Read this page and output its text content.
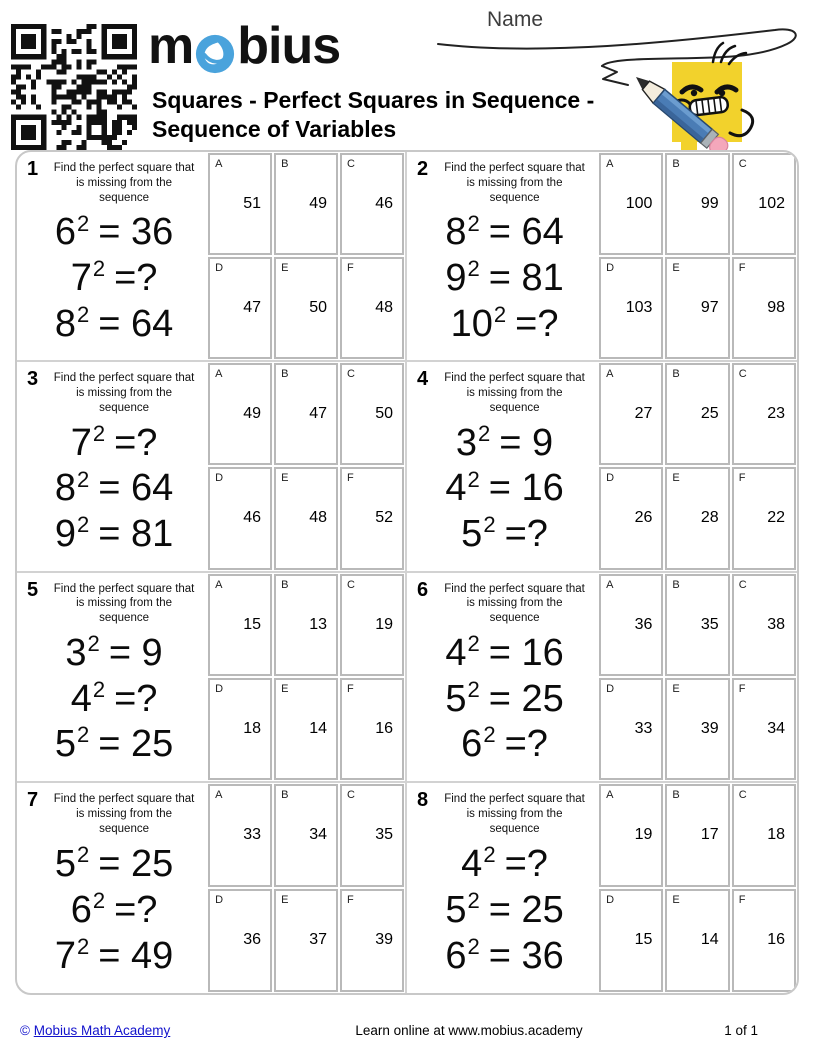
m bius
Squares - Perfect Squares in Sequence -
Sequence of Variables
Name
1	Find the perfect square that is missing from the sequence
$6^2 = 36$
$7^2$ =?
$8^2 = 64$
A
51
B
49
C
46
D
47
E
50
F
48
2	Find the perfect square that is missing from the sequence
$8^2 = 64$
$9^2 = 81$
$10^2$ =?
A
100
B
99
C
102
D
103
E
97
F
98
3	Find the perfect square that is missing from the sequence
$7^2$ =?
$8^2 = 64$
$9^2 = 81$
A
49
B
47
C
50
D
46
E
48
F
52
4	Find the perfect square that is missing from the sequence
$3^2 = 9$
$4^2 = 16$
$5^2$ =?
A
27
B
25
C
23
D
26
E
28
F
22
5	Find the perfect square that is missing from the sequence
$3^2 = 9$
$4^2$ =?
$5^2 = 25$
A
15
B
13
C
19
D
18
E
14
F
16
6	Find the perfect square that is missing from the sequence
$4^2 = 16$
$5^2 = 25$
$6^2$ =?
A
36
B
35
C
38
D
33
E
39
F
34
7	Find the perfect square that is missing from the sequence
$5^2 = 25$
$6^2$ =?
$7^2 = 49$
A
33
B
34
C
35
D
36
E
37
F
39
8	Find the perfect square that is missing from the sequence
$4^2$ =?
$5^2 = 25$
$6^2 = 36$
A
19
B
17
C
18
D
15
E
14
F
16
© Mobius Math Academy	Learn online at www.mobius.academy	1 of 1
